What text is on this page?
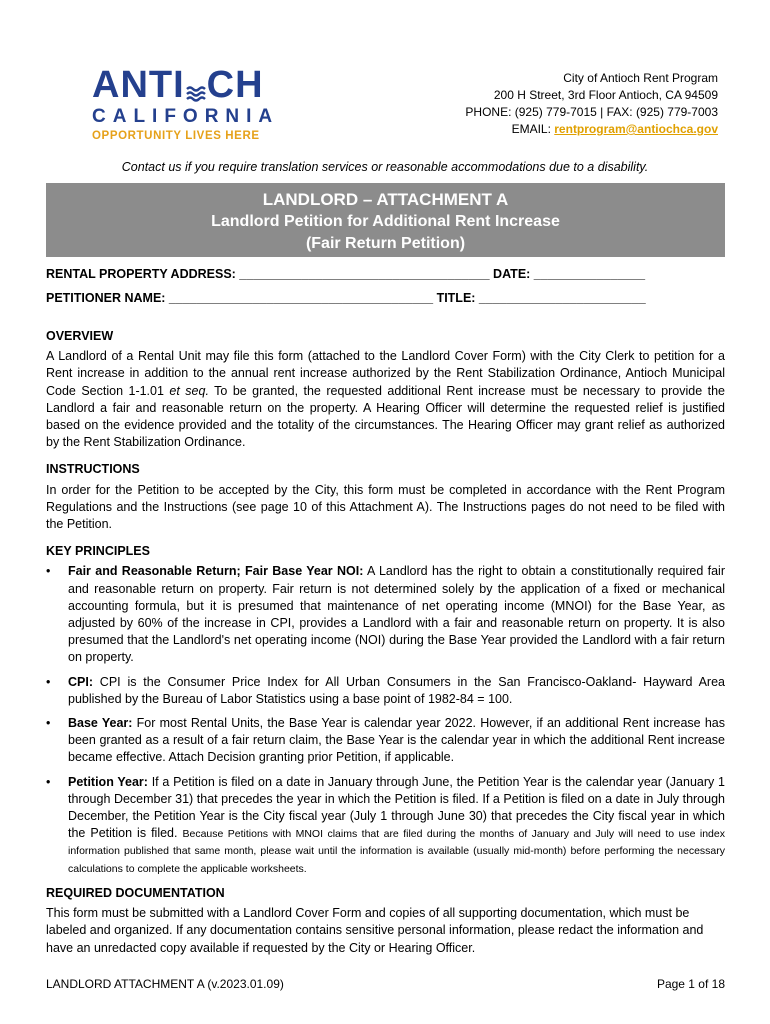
ANTI CH
CALIFORNIA
OPPORTUNITY LIVES HERE
City of Antioch Rent Program
200 H Street, 3rd Floor Antioch, CA 94509
PHONE: (925) 779-7015 | FAX: (925) 779-7003
EMAIL: rentprogram@antiochca.gov
Contact us if you require translation services or reasonable accommodations due to a disability.
LANDLORD – ATTACHMENT A
Landlord Petition for Additional Rent Increase
(Fair Return Petition)
RENTAL PROPERTY ADDRESS: ____________________________________ DATE: ________________
PETITIONER NAME: ______________________________________ TITLE: ________________________
OVERVIEW

A Landlord of a Rental Unit may file this form (attached to the Landlord Cover Form) with the City Clerk to petition for a Rent increase in addition to the annual rent increase authorized by the Rent Stabilization Ordinance, Antioch Municipal Code Section 1-1.01 et seq. To be granted, the requested additional Rent increase must be necessary to provide the Landlord a fair and reasonable return on the property. A Hearing Officer will determine the requested relief is justified based on the evidence provided and the totality of the circumstances. The Hearing Officer may grant relief as authorized by the Rent Stabilization Ordinance.

INSTRUCTIONS

In order for the Petition to be accepted by the City, this form must be completed in accordance with the Rent Program Regulations and the Instructions (see page 10 of this Attachment A). The Instructions pages do not need to be filed with the Petition.

KEY PRINCIPLES
• Fair and Reasonable Return; Fair Base Year NOI: A Landlord has the right to obtain a constitutionally required fair and reasonable return on property. Fair return is not determined solely by the application of a fixed or mechanical accounting formula, but it is presumed that maintenance of net operating income (MNOI) for the Base Year, as adjusted by 60% of the increase in CPI, provides a Landlord with a fair and reasonable return on property. It is also presumed that the Landlord's net operating income (NOI) during the Base Year provided the Landlord with a fair return on property.
• CPI: CPI is the Consumer Price Index for All Urban Consumers in the San Francisco-Oakland- Hayward Area published by the Bureau of Labor Statistics using a base point of 1982-84 = 100.
• Base Year: For most Rental Units, the Base Year is calendar year 2022. However, if an additional Rent increase has been granted as a result of a fair return claim, the Base Year is the calendar year in which the additional Rent increase became effective. Attach Decision granting prior Petition, if applicable.
• Petition Year: If a Petition is filed on a date in January through June, the Petition Year is the calendar year (January 1 through December 31) that precedes the year in which the Petition is filed. If a Petition is filed on a date in July through December, the Petition Year is the City fiscal year (July 1 through June 30) that precedes the City fiscal year in which the Petition is filed. Because Petitions with MNOI claims that are filed during the months of January and July will need to use index information published that same month, please wait until the information is available (usually mid-month) before performing the necessary calculations to complete the applicable worksheets.
REQUIRED DOCUMENTATION

This form must be submitted with a Landlord Cover Form and copies of all supporting documentation, which must be labeled and organized. If any documentation contains sensitive personal information, please redact the information and have an unredacted copy available if requested by the City or Hearing Officer.

LANDLORD ATTACHMENT A (v.2023.01.09)	Page 1 of 18
